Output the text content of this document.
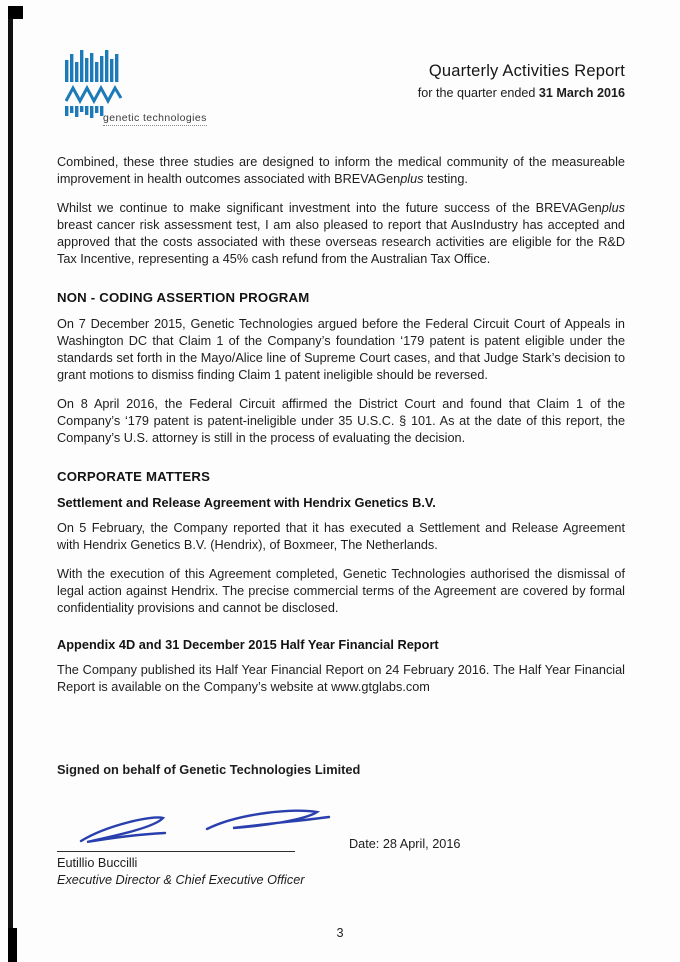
genetic technologies
Quarterly Activities Report
for the quarter ended 31 March 2016

Combined, these three studies are designed to inform the medical community of the measureable improvement in health outcomes associated with BREVAGenplus testing.

Whilst we continue to make significant investment into the future success of the BREVAGenplus breast cancer risk assessment test, I am also pleased to report that AusIndustry has accepted and approved that the costs associated with these overseas research activities are eligible for the R&D Tax Incentive, representing a 45% cash refund from the Australian Tax Office.

NON - CODING ASSERTION PROGRAM

On 7 December 2015, Genetic Technologies argued before the Federal Circuit Court of Appeals in Washington DC that Claim 1 of the Company’s foundation ‘179 patent is patent eligible under the standards set forth in the Mayo/Alice line of Supreme Court cases, and that Judge Stark’s decision to grant motions to dismiss finding Claim 1 patent ineligible should be reversed.

On 8 April 2016, the Federal Circuit affirmed the District Court and found that Claim 1 of the Company’s ‘179 patent is patent-ineligible under 35 U.S.C. § 101. As at the date of this report, the Company’s U.S. attorney is still in the process of evaluating the decision.

CORPORATE MATTERS
Settlement and Release Agreement with Hendrix Genetics B.V.

On 5 February, the Company reported that it has executed a Settlement and Release Agreement with Hendrix Genetics B.V. (Hendrix), of Boxmeer, The Netherlands.

With the execution of this Agreement completed, Genetic Technologies authorised the dismissal of legal action against Hendrix. The precise commercial terms of the Agreement are covered by formal confidentiality provisions and cannot be disclosed.

Appendix 4D and 31 December 2015 Half Year Financial Report

The Company published its Half Year Financial Report on 24 February 2016. The Half Year Financial Report is available on the Company’s website at www.gtglabs.com

Signed on behalf of Genetic Technologies Limited
Date: 28 April, 2016
Eutillio Buccilli
Executive Director & Chief Executive Officer
3
